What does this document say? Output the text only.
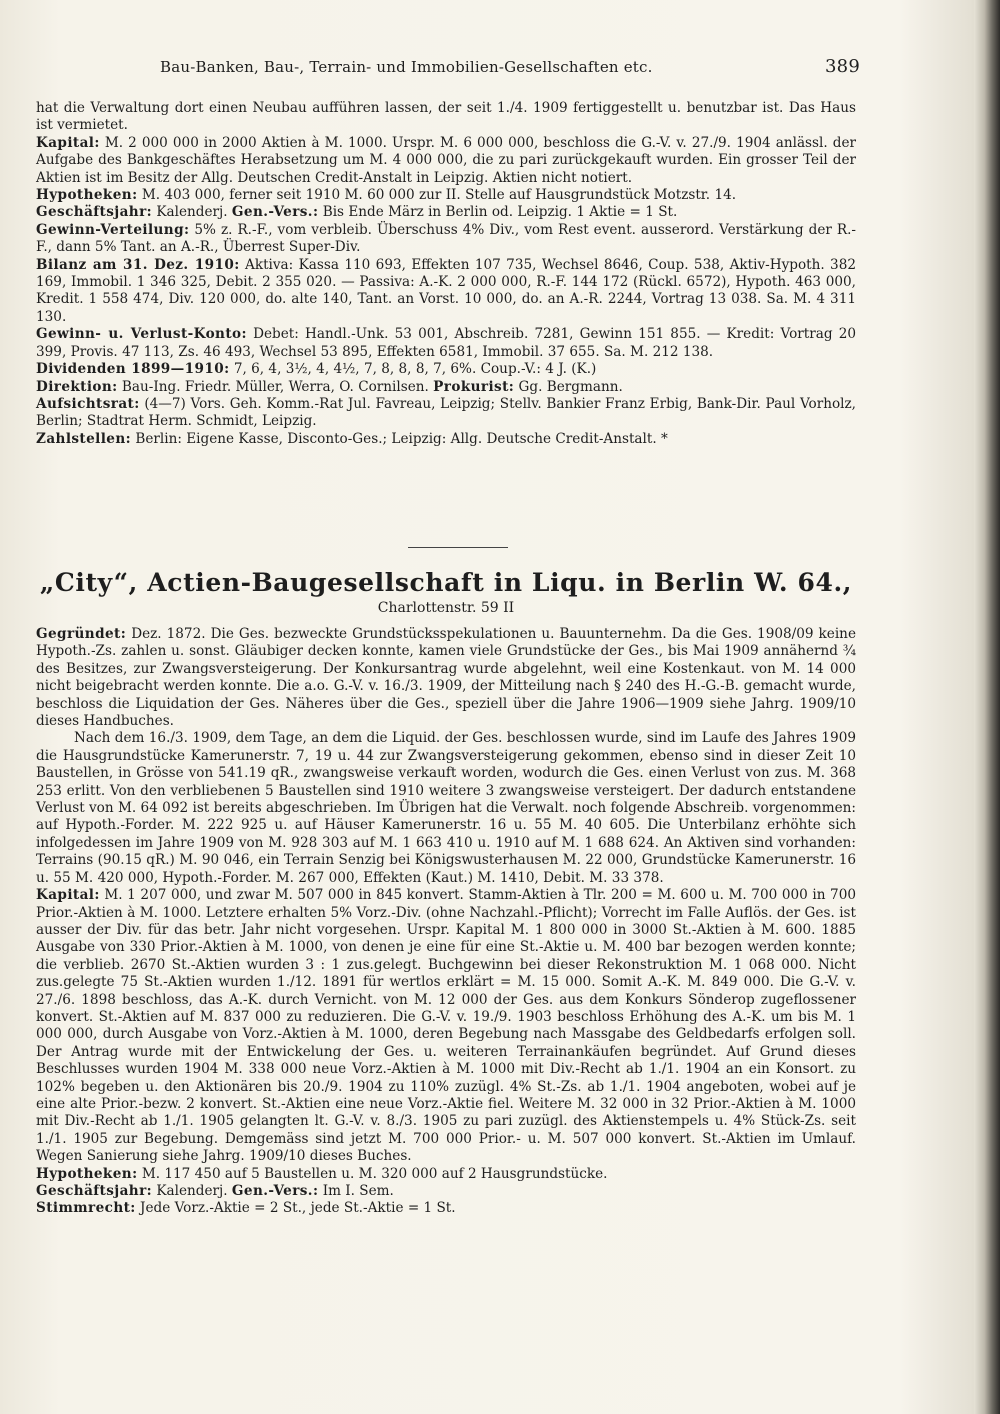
Bau-Banken, Bau-, Terrain- und Immobilien-Gesellschaften etc.	389

hat die Verwaltung dort einen Neubau aufführen lassen, der seit 1./4. 1909 fertiggestellt u. benutzbar ist. Das Haus ist vermietet.

Kapital: M. 2 000 000 in 2000 Aktien à M. 1000. Urspr. M. 6 000 000, beschloss die G.-V. v. 27./9. 1904 anlässl. der Aufgabe des Bankgeschäftes Herabsetzung um M. 4 000 000, die zu pari zurückgekauft wurden. Ein grosser Teil der Aktien ist im Besitz der Allg. Deutschen Credit-Anstalt in Leipzig. Aktien nicht notiert.

Hypotheken: M. 403 000, ferner seit 1910 M. 60 000 zur II. Stelle auf Hausgrundstück Motzstr. 14.

Geschäftsjahr: Kalenderj. Gen.-Vers.: Bis Ende März in Berlin od. Leipzig. 1 Aktie = 1 St.

Gewinn-Verteilung: 5% z. R.-F., vom verbleib. Überschuss 4% Div., vom Rest event. ausserord. Verstärkung der R.-F., dann 5% Tant. an A.-R., Überrest Super-Div.

Bilanz am 31. Dez. 1910: Aktiva: Kassa 110 693, Effekten 107 735, Wechsel 8646, Coup. 538, Aktiv-Hypoth. 382 169, Immobil. 1 346 325, Debit. 2 355 020. — Passiva: A.-K. 2 000 000, R.-F. 144 172 (Rückl. 6572), Hypoth. 463 000, Kredit. 1 558 474, Div. 120 000, do. alte 140, Tant. an Vorst. 10 000, do. an A.-R. 2244, Vortrag 13 038. Sa. M. 4 311 130.

Gewinn- u. Verlust-Konto: Debet: Handl.-Unk. 53 001, Abschreib. 7281, Gewinn 151 855. — Kredit: Vortrag 20 399, Provis. 47 113, Zs. 46 493, Wechsel 53 895, Effekten 6581, Immobil. 37 655. Sa. M. 212 138.

Dividenden 1899—1910: 7, 6, 4, 3½, 4, 4½, 7, 8, 8, 8, 7, 6%. Coup.-V.: 4 J. (K.)

Direktion: Bau-Ing. Friedr. Müller, Werra, O. Cornilsen. Prokurist: Gg. Bergmann.

Aufsichtsrat: (4—7) Vors. Geh. Komm.-Rat Jul. Favreau, Leipzig; Stellv. Bankier Franz Erbig, Bank-Dir. Paul Vorholz, Berlin; Stadtrat Herm. Schmidt, Leipzig.

Zahlstellen: Berlin: Eigene Kasse, Disconto-Ges.; Leipzig: Allg. Deutsche Credit-Anstalt. *

„City“, Actien-Baugesellschaft in Liqu. in Berlin W. 64.,
Charlottenstr. 59 II

Gegründet: Dez. 1872. Die Ges. bezweckte Grundstücksspekulationen u. Bauunternehm. Da die Ges. 1908/09 keine Hypoth.-Zs. zahlen u. sonst. Gläubiger decken konnte, kamen viele Grundstücke der Ges., bis Mai 1909 annähernd ¾ des Besitzes, zur Zwangsversteigerung. Der Konkursantrag wurde abgelehnt, weil eine Kostenkaut. von M. 14 000 nicht beigebracht werden konnte. Die a.o. G.-V. v. 16./3. 1909, der Mitteilung nach § 240 des H.-G.-B. gemacht wurde, beschloss die Liquidation der Ges. Näheres über die Ges., speziell über die Jahre 1906—1909 siehe Jahrg. 1909/10 dieses Handbuches.

Nach dem 16./3. 1909, dem Tage, an dem die Liquid. der Ges. beschlossen wurde, sind im Laufe des Jahres 1909 die Hausgrundstücke Kamerunerstr. 7, 19 u. 44 zur Zwangsversteigerung gekommen, ebenso sind in dieser Zeit 10 Baustellen, in Grösse von 541.19 qR., zwangsweise verkauft worden, wodurch die Ges. einen Verlust von zus. M. 368 253 erlitt. Von den verbliebenen 5 Baustellen sind 1910 weitere 3 zwangsweise versteigert. Der dadurch entstandene Verlust von M. 64 092 ist bereits abgeschrieben. Im Übrigen hat die Verwalt. noch folgende Abschreib. vorgenommen: auf Hypoth.-Forder. M. 222 925 u. auf Häuser Kamerunerstr. 16 u. 55 M. 40 605. Die Unterbilanz erhöhte sich infolgedessen im Jahre 1909 von M. 928 303 auf M. 1 663 410 u. 1910 auf M. 1 688 624. An Aktiven sind vorhanden: Terrains (90.15 qR.) M. 90 046, ein Terrain Senzig bei Königswusterhausen M. 22 000, Grundstücke Kamerunerstr. 16 u. 55 M. 420 000, Hypoth.-Forder. M. 267 000, Effekten (Kaut.) M. 1410, Debit. M. 33 378.

Kapital: M. 1 207 000, und zwar M. 507 000 in 845 konvert. Stamm-Aktien à Tlr. 200 = M. 600 u. M. 700 000 in 700 Prior.-Aktien à M. 1000. Letztere erhalten 5% Vorz.-Div. (ohne Nachzahl.-Pflicht); Vorrecht im Falle Auflös. der Ges. ist ausser der Div. für das betr. Jahr nicht vorgesehen. Urspr. Kapital M. 1 800 000 in 3000 St.-Aktien à M. 600. 1885 Ausgabe von 330 Prior.-Aktien à M. 1000, von denen je eine für eine St.-Aktie u. M. 400 bar bezogen werden konnte; die verblieb. 2670 St.-Aktien wurden 3 : 1 zus.gelegt. Buchgewinn bei dieser Rekonstruktion M. 1 068 000. Nicht zus.gelegte 75 St.-Aktien wurden 1./12. 1891 für wertlos erklärt = M. 15 000. Somit A.-K. M. 849 000. Die G.-V. v. 27./6. 1898 beschloss, das A.-K. durch Vernicht. von M. 12 000 der Ges. aus dem Konkurs Sönderop zugeflossener konvert. St.-Aktien auf M. 837 000 zu reduzieren. Die G.-V. v. 19./9. 1903 beschloss Erhöhung des A.-K. um bis M. 1 000 000, durch Ausgabe von Vorz.-Aktien à M. 1000, deren Begebung nach Massgabe des Geldbedarfs erfolgen soll. Der Antrag wurde mit der Entwickelung der Ges. u. weiteren Terrainankäufen begründet. Auf Grund dieses Beschlusses wurden 1904 M. 338 000 neue Vorz.-Aktien à M. 1000 mit Div.-Recht ab 1./1. 1904 an ein Konsort. zu 102% begeben u. den Aktionären bis 20./9. 1904 zu 110% zuzügl. 4% St.-Zs. ab 1./1. 1904 angeboten, wobei auf je eine alte Prior.-bezw. 2 konvert. St.-Aktien eine neue Vorz.-Aktie fiel. Weitere M. 32 000 in 32 Prior.-Aktien à M. 1000 mit Div.-Recht ab 1./1. 1905 gelangten lt. G.-V. v. 8./3. 1905 zu pari zuzügl. des Aktienstempels u. 4% Stück-Zs. seit 1./1. 1905 zur Begebung. Demgemäss sind jetzt M. 700 000 Prior.- u. M. 507 000 konvert. St.-Aktien im Umlauf. Wegen Sanierung siehe Jahrg. 1909/10 dieses Buches.

Hypotheken: M. 117 450 auf 5 Baustellen u. M. 320 000 auf 2 Hausgrundstücke.

Geschäftsjahr: Kalenderj. Gen.-Vers.: Im I. Sem.

Stimmrecht: Jede Vorz.-Aktie = 2 St., jede St.-Aktie = 1 St.
